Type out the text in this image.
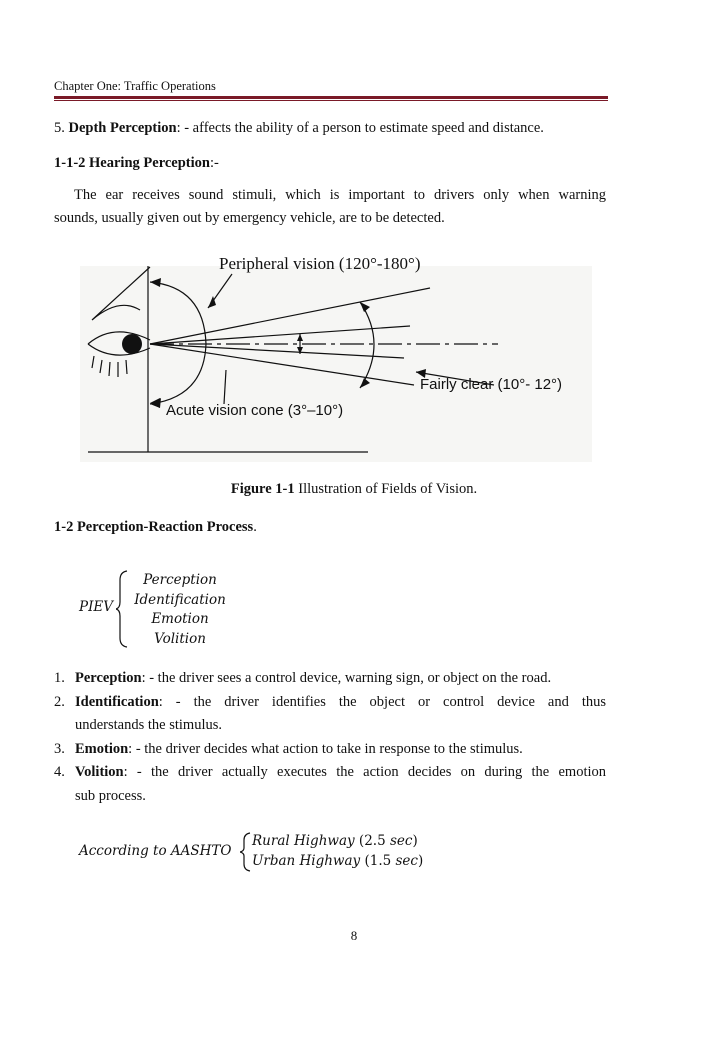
Chapter One: Traffic Operations
5. Depth Perception: - affects the ability of a person to estimate speed and distance.
1-1-2 Hearing Perception:-
The ear receives sound stimuli, which is important to drivers only when warning
sounds, usually given out by emergency vehicle, are to be detected.
Peripheral vision (120°-180°)
Fairly clear (10°- 12°)
Acute vision cone (3°–10°)
Figure 1-1 Illustration of Fields of Vision.
1-2 Perception-Reaction Process.
PIEV
Perception
Identification
Emotion
Volition
1. Perception: - the driver sees a control device, warning sign, or object on the road.
2. Identification: - the driver identifies the object or control device and thus
understands the stimulus.
3. Emotion: - the driver decides what action to take in response to the stimulus.
4. Volition: - the driver actually executes the action decides on during the emotion
sub process.
According to AASHTO
Rural Highway (2.5 sec)
Urban Highway (1.5 sec)
8
